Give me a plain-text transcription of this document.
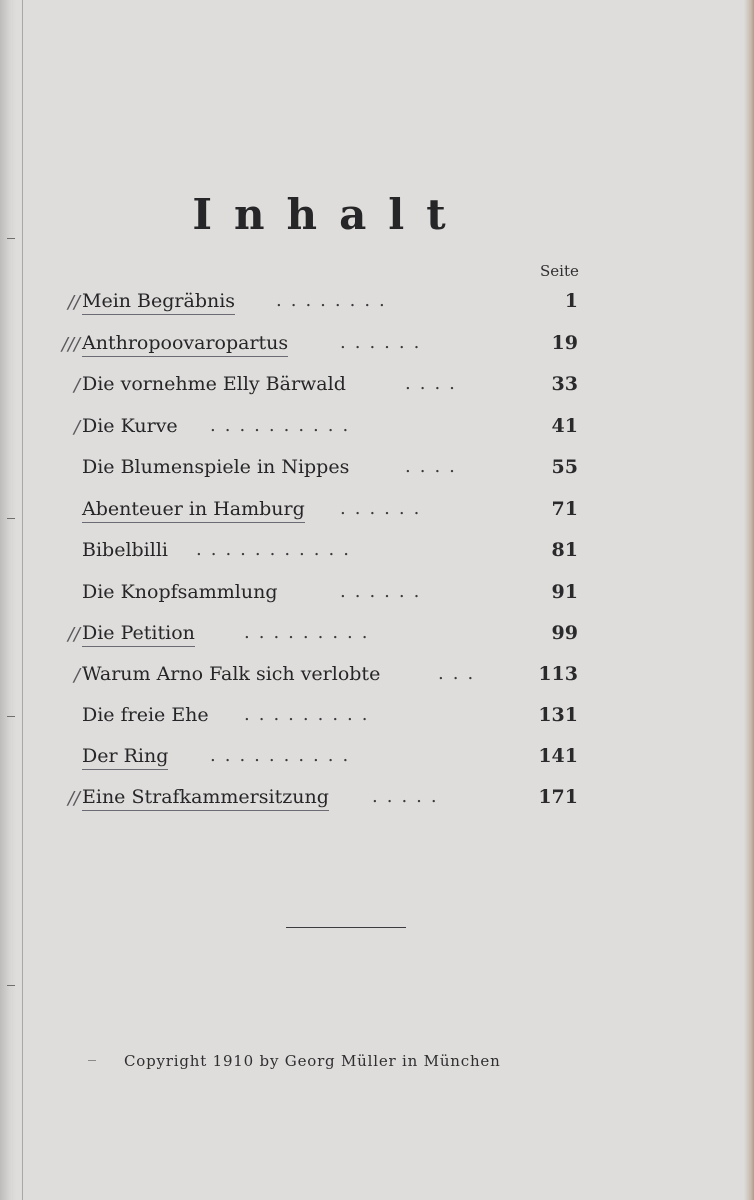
Inhalt
Seite
// Mein Begräbnis ........	1
/// Anthropoovaropartus	......	19
/ Die vornehme Elly Bärwald	....	33
/ Die Kurve ..........	41
Die Blumenspiele in Nippes	....	55
Abenteuer in Hamburg ......	71
Bibelbilli ...........	81
Die Knopfsammlung	......	91
// Die Petition	.........	99
/ Warum Arno Falk sich verlobte	...	113
Die freie Ehe .........	131
Der Ring ..........	141
// Eine Strafkammersitzung .....	171
Copyright 1910 by Georg Müller in München
